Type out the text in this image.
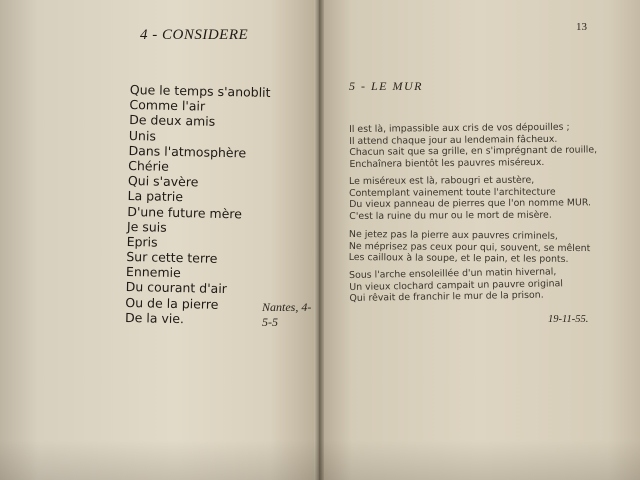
4 - CONSIDERE
Que le temps s'anoblit
Comme l'air
De deux amis
Unis
Dans l'atmosphère
Chérie
Qui s'avère
La patrie
D'une future mère
Je suis
Epris
Sur cette terre
Ennemie
Du courant d'air
Ou de la pierre
De la vie.
Nantes, 4-5-5
13
5 - LE MUR
Il est là, impassible aux cris de vos dépouilles ;
Il attend chaque jour au lendemain fâcheux.
Chacun sait que sa grille, en s'imprégnant de rouille,
Enchaînera bientôt les pauvres miséreux.
Le miséreux est là, rabougri et austère,
Contemplant vainement toute l'architecture
Du vieux panneau de pierres que l'on nomme MUR.
C'est la ruine du mur ou le mort de misère.
Ne jetez pas la pierre aux pauvres criminels,
Ne méprisez pas ceux pour qui, souvent, se mêlent
Les cailloux à la soupe, et le pain, et les ponts.
Sous l'arche ensoleillée d'un matin hivernal,
Un vieux clochard campait un pauvre original
Qui rêvait de franchir le mur de la prison.
19-11-55.
